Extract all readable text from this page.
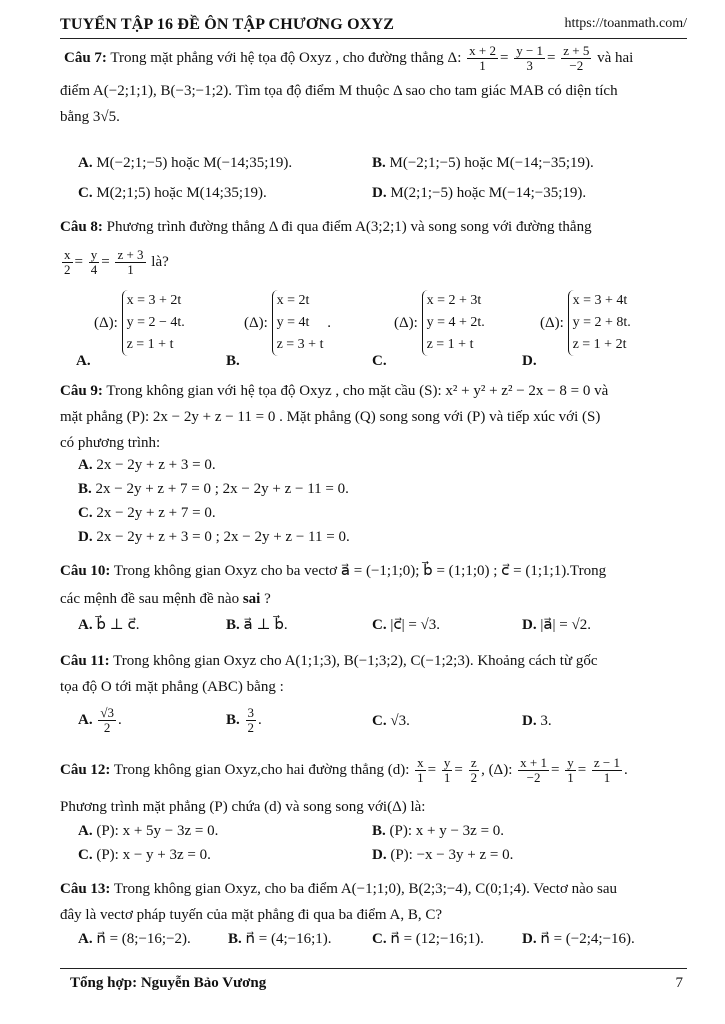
TUYỂN TẬP 16 ĐỀ ÔN TẬP CHƯƠNG OXYZ	https://toanmath.com/
Câu 7: Trong mặt phẳng với hệ tọa độ Oxyz , cho đường thẳng Δ: $\frac{x + 2}{1} = \frac{y - 1}{3} = \frac{z + 5}{-2}$ và hai
điểm A(−2;1;1), B(−3;−1;2). Tìm tọa độ điểm M thuộc Δ sao cho tam giác MAB có diện tích
bằng 3√5.
A. M(−2;1;−5) hoặc M(−14;35;19).	B. M(−2;1;−5) hoặc M(−14;−35;19).
C. M(2;1;5) hoặc M(14;35;19).	D. M(2;1;−5) hoặc M(−14;−35;19).
Câu 8: Phương trình đường thẳng Δ đi qua điểm A(3;2;1) và song song với đường thẳng
$\frac{x}{2} = \frac{y}{4} = \frac{z + 3}{1}$ là?
A.
(Δ):
x = 3 + 2t
y = 2 − 4t.
z = 1 + t
B.
(Δ):
x = 2t
y = 4t
z = 3 + t
.
C.
(Δ):
x = 2 + 3t
y = 4 + 2t.
z = 1 + t
D.
(Δ):
x = 3 + 4t
y = 2 + 8t.
z = 1 + 2t
Câu 9: Trong không gian với hệ tọa độ Oxyz , cho mặt cầu (S): x² + y² + z² − 2x − 8 = 0 và
mặt phẳng (P): 2x − 2y + z − 11 = 0 . Mặt phẳng (Q) song song với (P) và tiếp xúc với (S)
có phương trình:
A. 2x − 2y + z + 3 = 0.
B. 2x − 2y + z + 7 = 0 ; 2x − 2y + z − 11 = 0.
C. 2x − 2y + z + 7 = 0.
D. 2x − 2y + z + 3 = 0 ; 2x − 2y + z − 11 = 0.
Câu 10: Trong không gian Oxyz cho ba vectơ a⃗ = (−1;1;0); b⃗ = (1;1;0) ; c⃗ = (1;1;1).Trong
các mệnh đề sau mệnh đề nào sai ?
A. b⃗ ⊥ c⃗.	B. a⃗ ⊥ b⃗.	C. |c⃗| = √3.	D. |a⃗| = √2.
Câu 11: Trong không gian Oxyz cho A(1;1;3), B(−1;3;2), C(−1;2;3). Khoảng cách từ gốc
tọa độ O tới mặt phẳng (ABC) bằng :
A. $\frac{√3}{2}$ .	B. $\frac{3}{2}$ .	C. √3.	D. 3.
Câu 12: Trong không gian Oxyz,cho hai đường thẳng (d): $\frac{x}{1} = \frac{y}{1} = \frac{z}{2}$ , (Δ): $\frac{x + 1}{-2} = \frac{y}{1} = \frac{z - 1}{1}$ .
Phương trình mặt phẳng (P) chứa (d) và song song với(Δ) là:
A. (P): x + 5y − 3z = 0.	B. (P): x + y − 3z = 0.
C. (P): x − y + 3z = 0.	D. (P): −x − 3y + z = 0.
Câu 13: Trong không gian Oxyz, cho ba điểm A(−1;1;0), B(2;3;−4), C(0;1;4). Vectơ nào sau
đây là vectơ pháp tuyến của mặt phẳng đi qua ba điểm A, B, C?
A. n⃗ = (8;−16;−2). B. n⃗ = (4;−16;1).	C. n⃗ = (12;−16;1).	D. n⃗ = (−2;4;−16).
Tổng hợp: Nguyễn Bảo Vương	7
